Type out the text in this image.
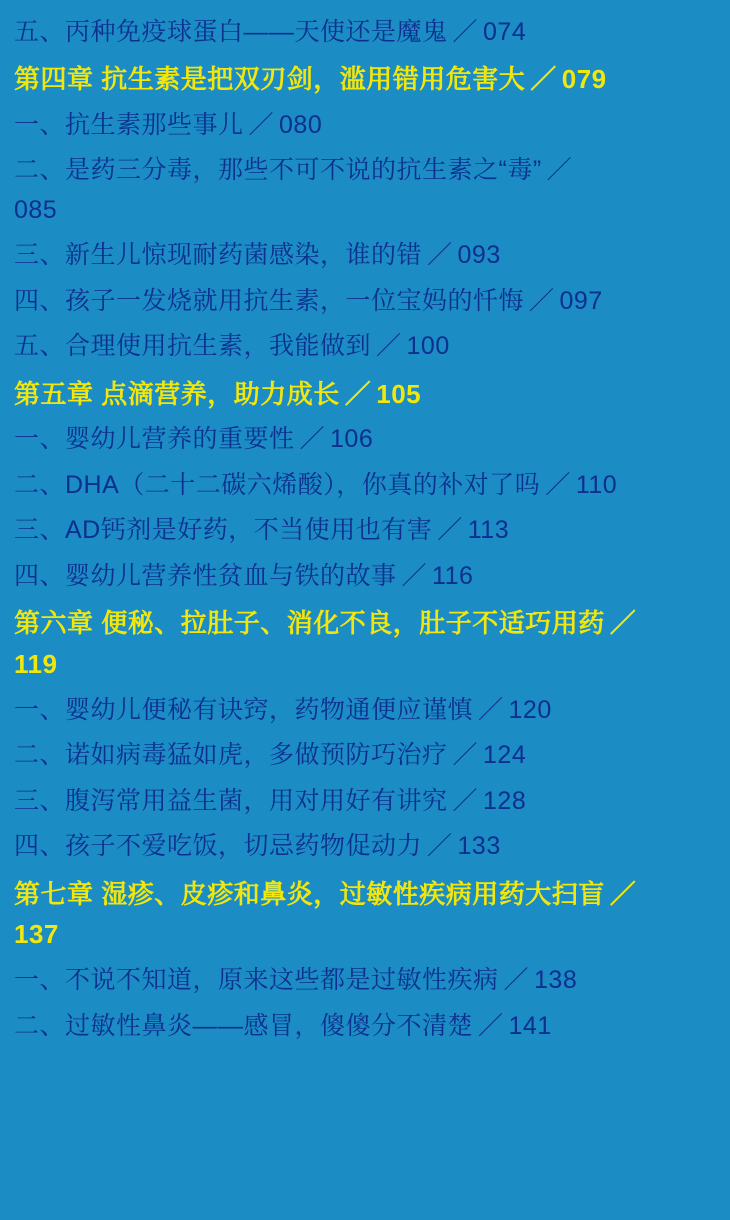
五、丙种免疫球蛋白——天使还是魔鬼 ／ 074
第四章 抗生素是把双刃剑，滥用错用危害大 ／ 079
一、抗生素那些事儿 ／ 080
二、是药三分毒，那些不可不说的抗生素之“毒” ／
085
三、新生儿惊现耐药菌感染，谁的错 ／ 093
四、孩子一发烧就用抗生素，一位宝妈的忏悔 ／ 097
五、合理使用抗生素，我能做到 ／ 100
第五章 点滴营养，助力成长 ／ 105
一、婴幼儿营养的重要性 ／ 106
二、DHA（二十二碳六烯酸），你真的补对了吗 ／ 110
三、AD钙剂是好药，不当使用也有害 ／ 113
四、婴幼儿营养性贫血与铁的故事 ／ 116
第六章 便秘、拉肚子、消化不良，肚子不适巧用药 ／
119
一、婴幼儿便秘有诀窍，药物通便应谨慎 ／ 120
二、诺如病毒猛如虎，多做预防巧治疗 ／ 124
三、腹泻常用益生菌，用对用好有讲究 ／ 128
四、孩子不爱吃饭，切忌药物促动力 ／ 133
第七章 湿疹、皮疹和鼻炎，过敏性疾病用药大扫盲 ／
137
一、不说不知道，原来这些都是过敏性疾病 ／ 138
二、过敏性鼻炎——感冒，傻傻分不清楚 ／ 141
